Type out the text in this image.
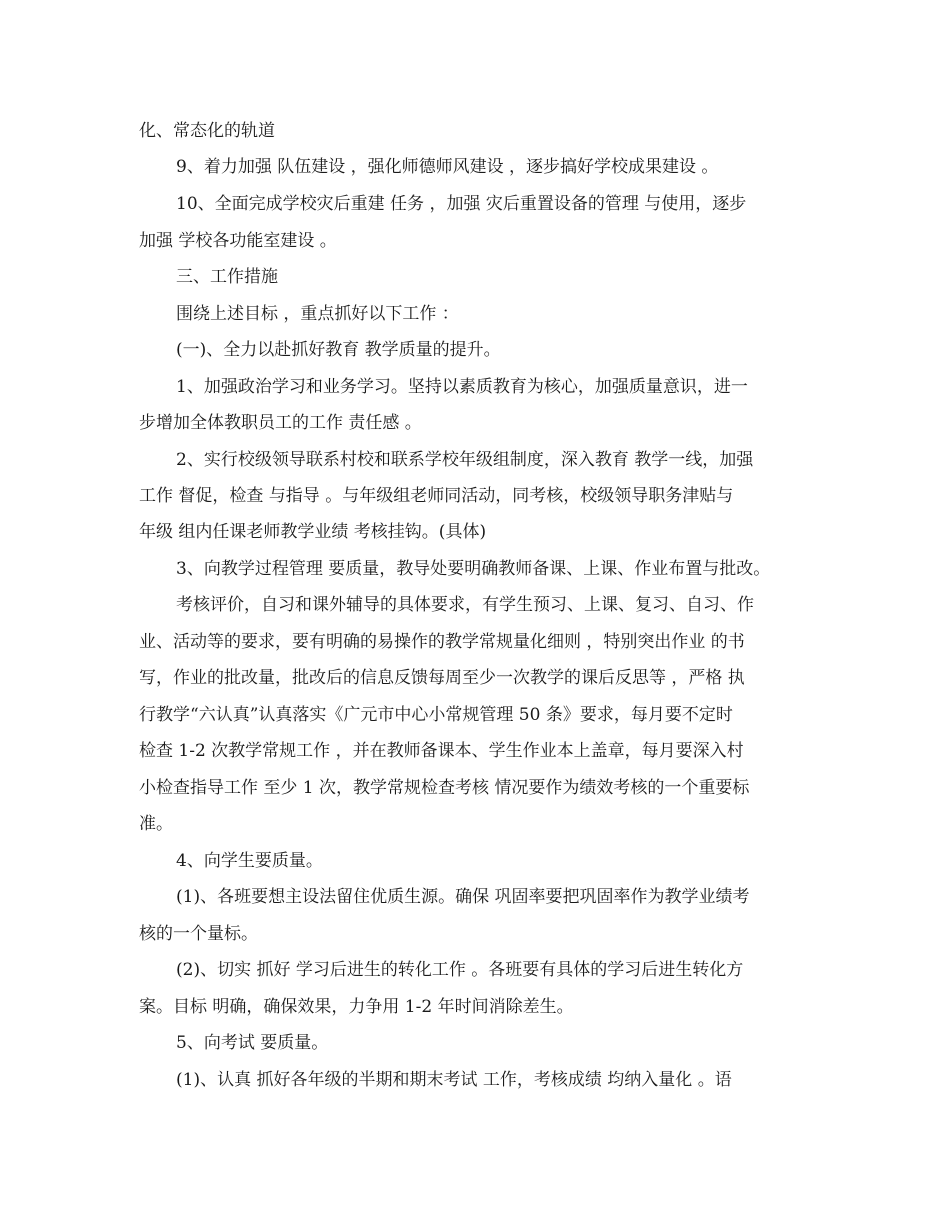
化、常态化的轨道
9、着力加强 队伍建设 ，强化师德师风建设 ，逐步搞好学校成果建设 。
10、全面完成学校灾后重建 任务 ，加强 灾后重置设备的管理 与使用，逐步
加强 学校各功能室建设 。
三、工作措施
围绕上述目标 ，重点抓好以下工作 ：
(一)、全力以赴抓好教育 教学质量的提升。
1、加强政治学习和业务学习。坚持以素质教育为核心，加强质量意识，进一
步增加全体教职员工的工作 责任感 。
2、实行校级领导联系村校和联系学校年级组制度，深入教育 教学一线，加强
工作 督促，检查 与指导 。与年级组老师同活动，同考核，校级领导职务津贴与
年级 组内任课老师教学业绩 考核挂钩。(具体)
3、向教学过程管理 要质量，教导处要明确教师备课、上课、作业布置与批改。
考核评价，自习和课外辅导的具体要求，有学生预习、上课、复习、自习、作
业、活动等的要求，要有明确的易操作的教学常规量化细则 ，特别突出作业 的书
写，作业的批改量，批改后的信息反馈每周至少一次教学的课后反思等 ，严格 执
行教学“六认真”认真落实《广元市中心小常规管理 50 条》要求，每月要不定时
检查 1-2 次教学常规工作 ，并在教师备课本、学生作业本上盖章，每月要深入村
小检查指导工作 至少 1 次，教学常规检查考核 情况要作为绩效考核的一个重要标
准。
4、向学生要质量。
(1)、各班要想主设法留住优质生源。确保 巩固率要把巩固率作为教学业绩考
核的一个量标。
(2)、切实 抓好 学习后进生的转化工作 。各班要有具体的学习后进生转化方
案。目标 明确，确保效果，力争用 1-2 年时间消除差生。
5、向考试 要质量。
(1)、认真 抓好各年级的半期和期末考试 工作，考核成绩 均纳入量化 。语
